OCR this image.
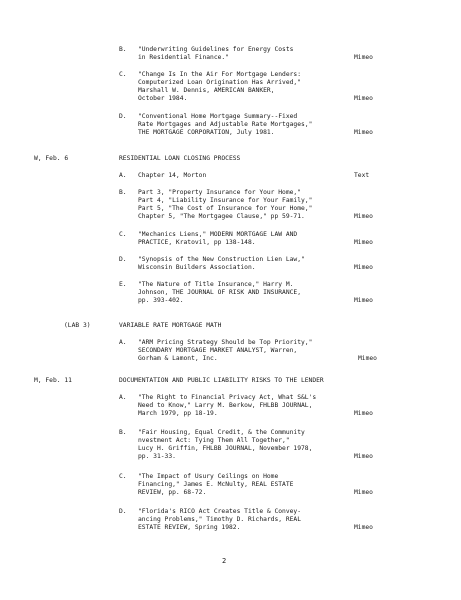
B.	"Underwriting Guidelines for Energy Costs
in Residential Finance."	Mimeo
C.	"Change Is In the Air For Mortgage Lenders:
Computerized Loan Origination Has Arrived,"
Marshall W. Dennis, AMERICAN BANKER,
October 1984.	Mimeo
D.	"Conventional Home Mortgage Summary--Fixed
Rate Mortgages and Adjustable Rate Mortgages,"
THE MORTGAGE CORPORATION, July 1981.	Mimeo
W, Feb. 6	RESIDENTIAL LOAN CLOSING PROCESS
A.	Chapter 14, Morton	Text
B.	Part 3, "Property Insurance for Your Home,"
Part 4, "Liability Insurance for Your Family,"
Part 5, "The Cost of Insurance for Your Home,"
Chapter 5, "The Mortgagee Clause," pp 59-71.	Mimeo
C.	"Mechanics Liens," MODERN MORTGAGE LAW AND
PRACTICE, Kratovil, pp 138-148.	Mimeo
D.	"Synopsis of the New Construction Lien Law,"
Wisconsin Builders Association.	Mimeo
E.	"The Nature of Title Insurance," Harry M.
Johnson, THE JOURNAL OF RISK AND INSURANCE,
pp. 393-402.	Mimeo
(LAB 3)	VARIABLE RATE MORTGAGE MATH
A.	"ARM Pricing Strategy Should be Top Priority,"
SECONDARY MORTGAGE MARKET ANALYST, Warren,
Gorham & Lamont, Inc.	Mimeo
M, Feb. 11	DOCUMENTATION AND PUBLIC LIABILITY RISKS TO THE LENDER
A.	"The Right to Financial Privacy Act, What S&L's
Need to Know," Larry M. Berkow, FHLBB JOURNAL,
March 1979, pp 18-19.	Mimeo
B.	"Fair Housing, Equal Credit, & the Community
nvestment Act: Tying Them All Together,"
Lucy H. Griffin, FHLBB JOURNAL, November 1978,
pp. 31-33.	Mimeo
C.	"The Impact of Usury Ceilings on Home
Financing," James E. McNulty, REAL ESTATE
REVIEW, pp. 68-72.	Mimeo
D.	"Florida's RICO Act Creates Title & Convey-
ancing Problems," Timothy D. Richards, REAL
ESTATE REVIEW, Spring 1982.	Mimeo
2
